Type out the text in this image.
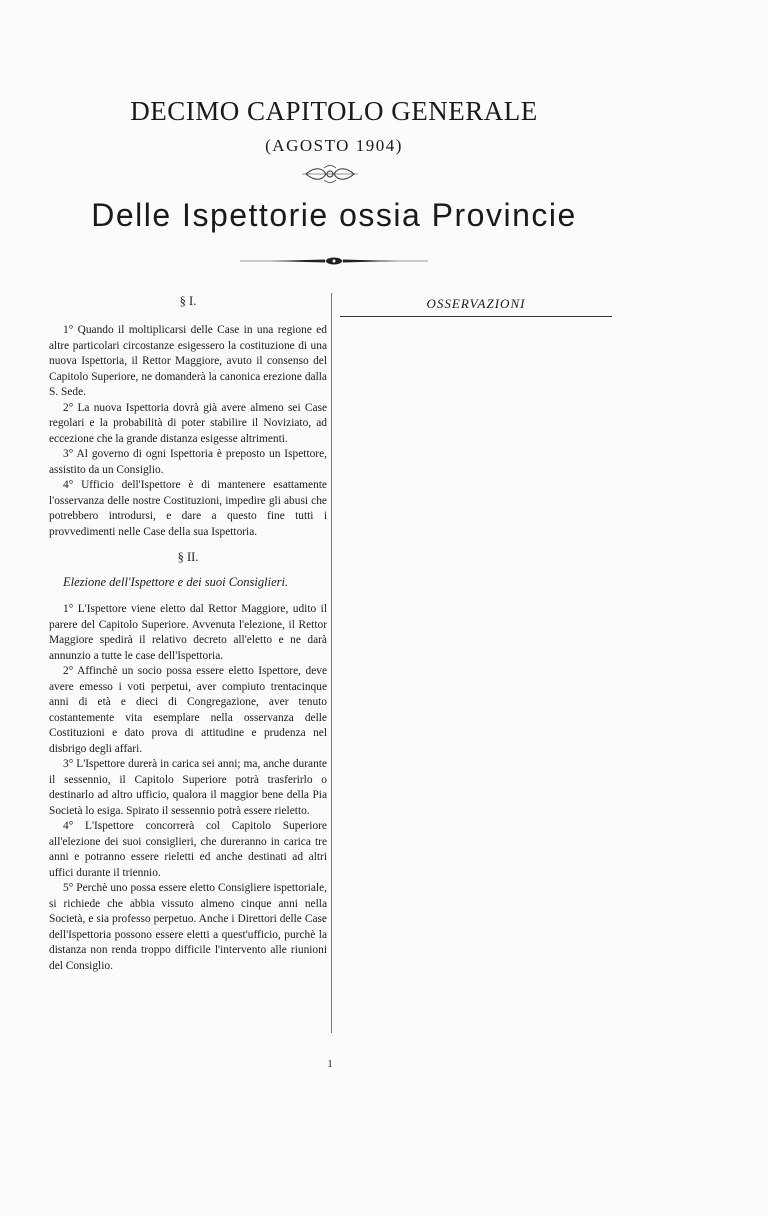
DECIMO CAPITOLO GENERALE
(AGOSTO 1904)
Delle Ispettorie ossia Provincie
§ I.

1° Quando il moltiplicarsi delle Case in una regione ed altre particolari circostanze esigessero la costituzione di una nuova Ispettoria, il Rettor Maggiore, avuto il consenso del Capitolo Superiore, ne domanderà la canonica erezione dalla S. Sede.

2° La nuova Ispettoria dovrà già avere almeno sei Case regolari e la probabilità di poter stabilire il Noviziato, ad eccezione che la grande distanza esigesse altrimenti.

3° Al governo di ogni Ispettoria è preposto un Ispettore, assistito da un Consiglio.

4° Ufficio dell'Ispettore è di mantenere esattamente l'osservanza delle nostre Costituzioni, impedire gli abusi che potrebbero introdursi, e dare a questo fine tutti i provvedimenti nelle Case della sua Ispettoria.

§ II.
Elezione dell'Ispettore e dei suoi Consiglieri.

1° L'Ispettore viene eletto dal Rettor Maggiore, udito il parere del Capitolo Superiore. Avvenuta l'elezione, il Rettor Maggiore spedirà il relativo decreto all'eletto e ne darà annunzio a tutte le case dell'Ispettoria.

2° Affinchè un socio possa essere eletto Ispettore, deve avere emesso i voti perpetui, aver compiuto trentacinque anni di età e dieci di Congregazione, aver tenuto costantemente vita esemplare nella osservanza delle Costituzioni e dato prova di attitudine e prudenza nel disbrigo degli affari.

3° L'Ispettore durerà in carica sei anni; ma, anche durante il sessennio, il Capitolo Superiore potrà trasferirlo o destinarlo ad altro ufficio, qualora il maggior bene della Pia Società lo esiga. Spirato il sessennio potrà essere rieletto.

4° L'Ispettore concorrerà col Capitolo Superiore all'elezione dei suoi consiglieri, che dureranno in carica tre anni e potranno essere rieletti ed anche destinati ad altri uffici durante il triennio.

5° Perchè uno possa essere eletto Consigliere ispettoriale, si richiede che abbia vissuto almeno cinque anni nella Società, e sia professo perpetuo. Anche i Direttori delle Case dell'Ispettoria possono essere eletti a quest'ufficio, purchè la distanza non renda troppo difficile l'intervento alle riunioni del Consiglio.

OSSERVAZIONI
1
